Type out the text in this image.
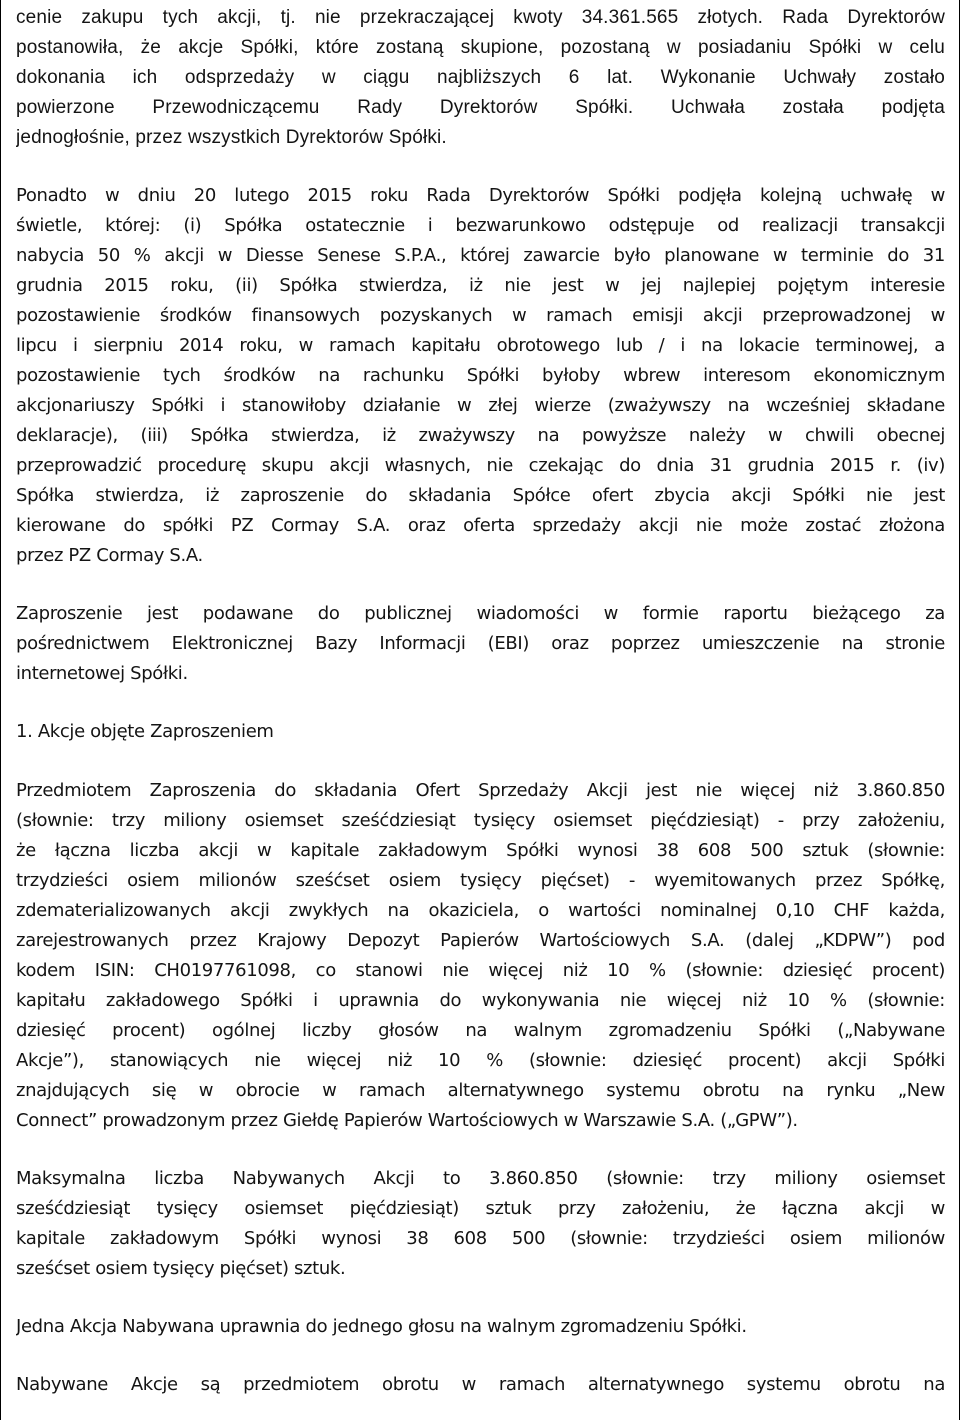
cenie zakupu tych akcji, tj. nie przekraczającej kwoty 34.361.565 złotych. Rada Dyrektorów
postanowiła, że akcje Spółki, które zostaną skupione, pozostaną w posiadaniu Spółki w celu
dokonania ich odsprzedaży w ciągu najbliższych 6 lat. Wykonanie Uchwały zostało
powierzone Przewodniczącemu Rady Dyrektorów Spółki. Uchwała została podjęta
jednogłośnie, przez wszystkich Dyrektorów Spółki.
Ponadto w dniu 20 lutego 2015 roku Rada Dyrektorów Spółki podjęła kolejną uchwałę w
świetle, której: (i) Spółka ostatecznie i bezwarunkowo odstępuje od realizacji transakcji
nabycia 50 % akcji w Diesse Senese S.P.A., której zawarcie było planowane w terminie do 31
grudnia 2015 roku, (ii) Spółka stwierdza, iż nie jest w jej najlepiej pojętym interesie
pozostawienie środków finansowych pozyskanych w ramach emisji akcji przeprowadzonej w
lipcu i sierpniu 2014 roku, w ramach kapitału obrotowego lub / i na lokacie terminowej, a
pozostawienie tych środków na rachunku Spółki byłoby wbrew interesom ekonomicznym
akcjonariuszy Spółki i stanowiłoby działanie w złej wierze (zważywszy na wcześniej składane
deklaracje), (iii) Spółka stwierdza, iż zważywszy na powyższe należy w chwili obecnej
przeprowadzić procedurę skupu akcji własnych, nie czekając do dnia 31 grudnia 2015 r. (iv)
Spółka stwierdza, iż zaproszenie do składania Spółce ofert zbycia akcji Spółki nie jest
kierowane do spółki PZ Cormay S.A. oraz oferta sprzedaży akcji nie może zostać złożona
przez PZ Cormay S.A.
Zaproszenie jest podawane do publicznej wiadomości w formie raportu bieżącego za
pośrednictwem Elektronicznej Bazy Informacji (EBI) oraz poprzez umieszczenie na stronie
internetowej Spółki.
1. Akcje objęte Zaproszeniem
Przedmiotem Zaproszenia do składania Ofert Sprzedaży Akcji jest nie więcej niż 3.860.850
(słownie: trzy miliony osiemset sześćdziesiąt tysięcy osiemset pięćdziesiąt) - przy założeniu,
że łączna liczba akcji w kapitale zakładowym Spółki wynosi 38 608 500 sztuk (słownie:
trzydzieści osiem milionów sześćset osiem tysięcy pięćset) - wyemitowanych przez Spółkę,
zdematerializowanych akcji zwykłych na okaziciela, o wartości nominalnej 0,10 CHF każda,
zarejestrowanych przez Krajowy Depozyt Papierów Wartościowych S.A. (dalej „KDPW”) pod
kodem ISIN: CH0197761098, co stanowi nie więcej niż 10 % (słownie: dziesięć procent)
kapitału zakładowego Spółki i uprawnia do wykonywania nie więcej niż 10 % (słownie:
dziesięć procent) ogólnej liczby głosów na walnym zgromadzeniu Spółki („Nabywane
Akcje”), stanowiących nie więcej niż 10 % (słownie: dziesięć procent) akcji Spółki
znajdujących się w obrocie w ramach alternatywnego systemu obrotu na rynku „New
Connect” prowadzonym przez Giełdę Papierów Wartościowych w Warszawie S.A. („GPW”).
Maksymalna liczba Nabywanych Akcji to 3.860.850 (słownie: trzy miliony osiemset
sześćdziesiąt tysięcy osiemset pięćdziesiąt) sztuk przy założeniu, że łączna akcji w
kapitale zakładowym Spółki wynosi 38 608 500 (słownie: trzydzieści osiem milionów
sześćset osiem tysięcy pięćset) sztuk.
Jedna Akcja Nabywana uprawnia do jednego głosu na walnym zgromadzeniu Spółki.
Nabywane Akcje są przedmiotem obrotu w ramach alternatywnego systemu obrotu na
